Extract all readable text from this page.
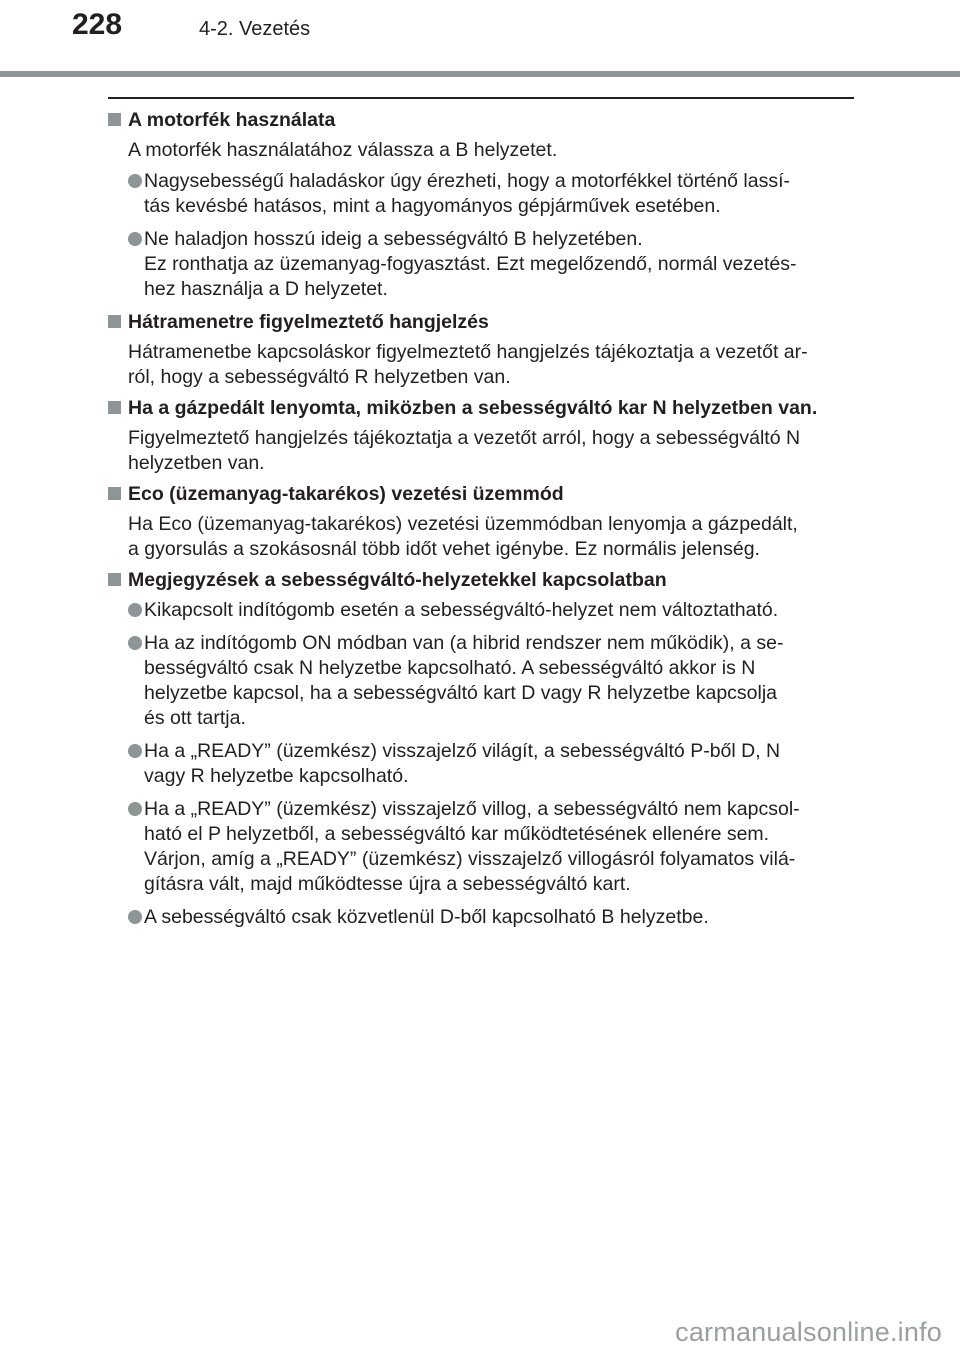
228	4-2. Vezetés
A motorfék használata
A motorfék használatához válassza a B helyzetet.
Nagysebességű haladáskor úgy érezheti, hogy a motorfékkel történő lassí-
tás kevésbé hatásos, mint a hagyományos gépjárművek esetében.
Ne haladjon hosszú ideig a sebességváltó B helyzetében.
Ez ronthatja az üzemanyag-fogyasztást. Ezt megelőzendő, normál vezetés-
hez használja a D helyzetet.
Hátramenetre figyelmeztető hangjelzés
Hátramenetbe kapcsoláskor figyelmeztető hangjelzés tájékoztatja a vezetőt ar-
ról, hogy a sebességváltó R helyzetben van.
Ha a gázpedált lenyomta, miközben a sebességváltó kar N helyzetben van.
Figyelmeztető hangjelzés tájékoztatja a vezetőt arról, hogy a sebességváltó N
helyzetben van.
Eco (üzemanyag-takarékos) vezetési üzemmód
Ha Eco (üzemanyag-takarékos) vezetési üzemmódban lenyomja a gázpedált,
a gyorsulás a szokásosnál több időt vehet igénybe. Ez normális jelenség.
Megjegyzések a sebességváltó-helyzetekkel kapcsolatban
Kikapcsolt indítógomb esetén a sebességváltó-helyzet nem változtatható.
Ha az indítógomb ON módban van (a hibrid rendszer nem működik), a se-
bességváltó csak N helyzetbe kapcsolható. A sebességváltó akkor is N
helyzetbe kapcsol, ha a sebességváltó kart D vagy R helyzetbe kapcsolja
és ott tartja.
Ha a „READY” (üzemkész) visszajelző világít, a sebességváltó P-ből D, N
vagy R helyzetbe kapcsolható.
Ha a „READY” (üzemkész) visszajelző villog, a sebességváltó nem kapcsol-
ható el P helyzetből, a sebességváltó kar működtetésének ellenére sem.
Várjon, amíg a „READY” (üzemkész) visszajelző villogásról folyamatos vilá-
gításra vált, majd működtesse újra a sebességváltó kart.
A sebességváltó csak közvetlenül D-ből kapcsolható B helyzetbe.
carmanualsonline.info
